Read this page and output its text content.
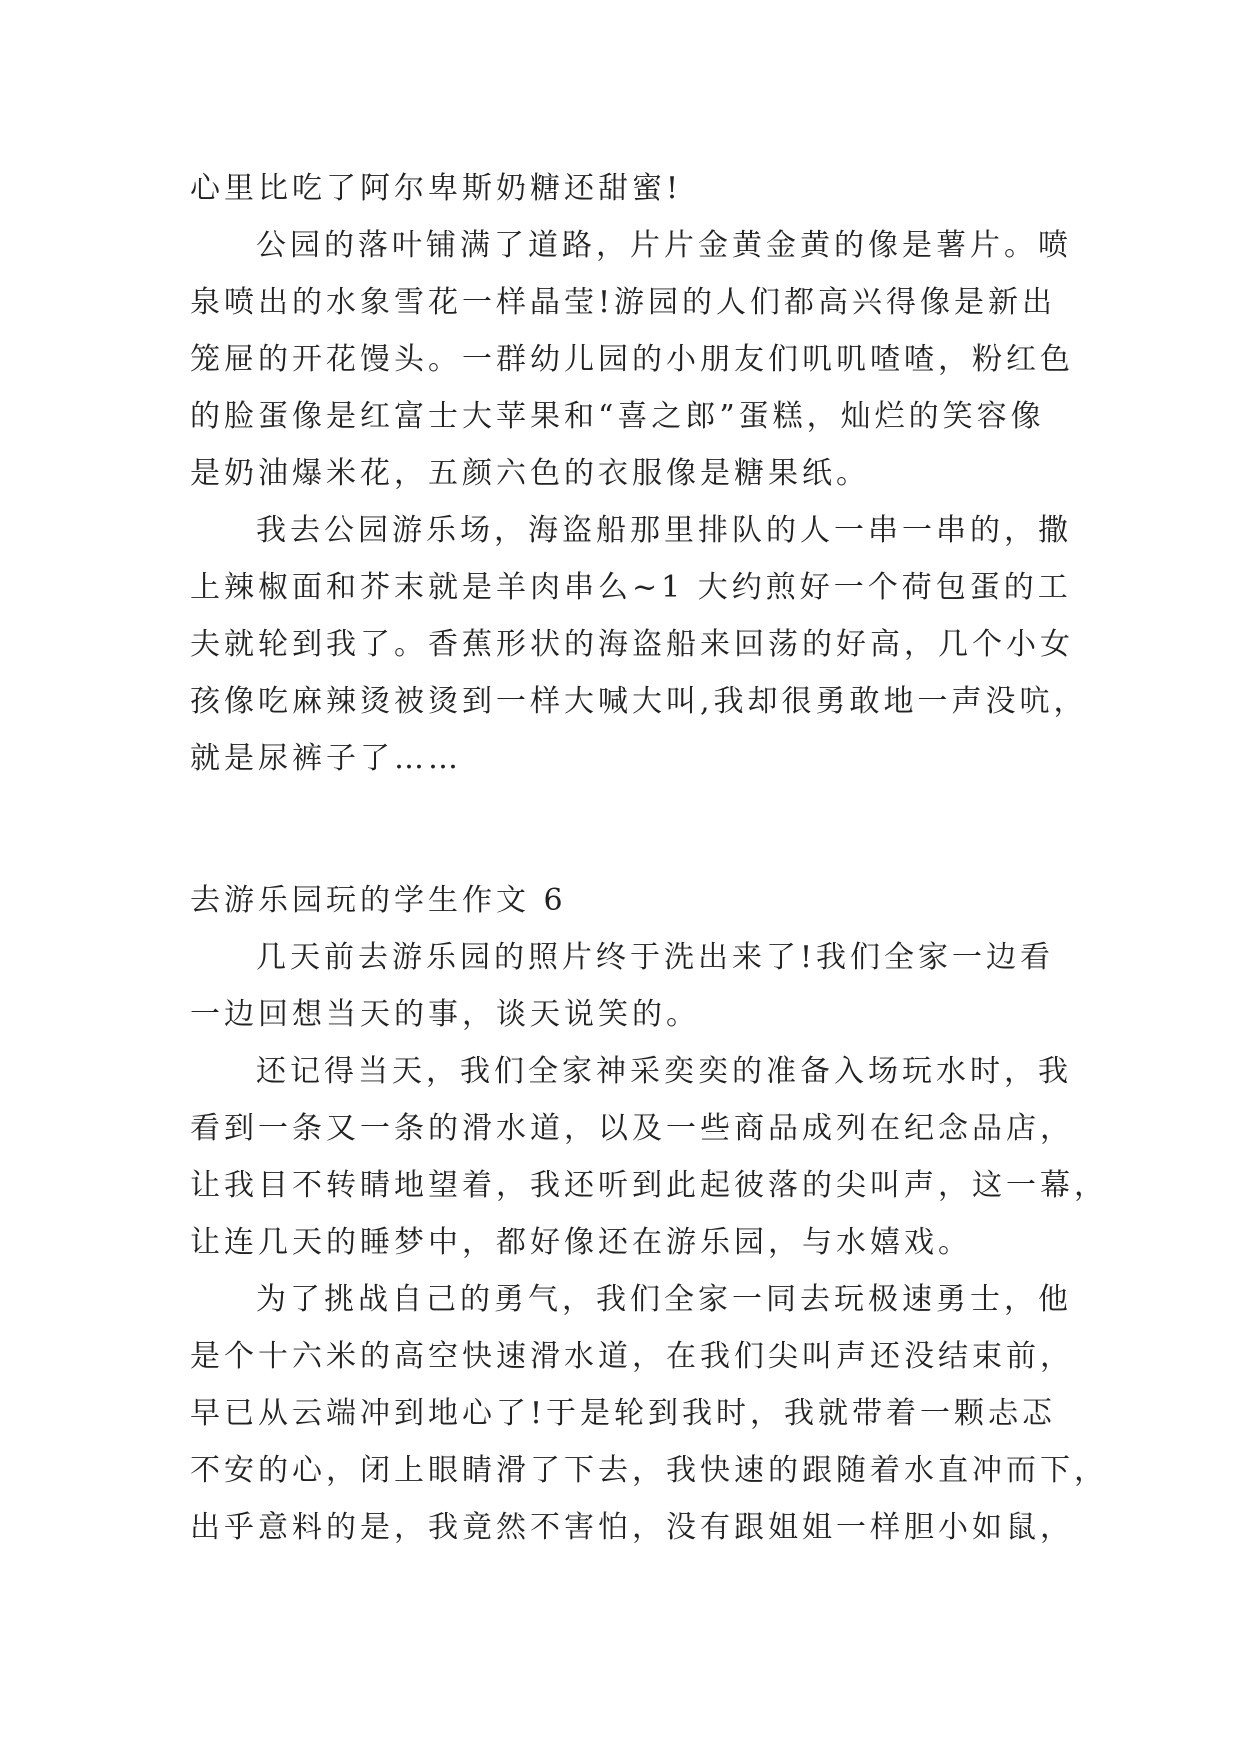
心里比吃了阿尔卑斯奶糖还甜蜜!
公园的落叶铺满了道路，片片金黄金黄的像是薯片。喷
泉喷出的水象雪花一样晶莹!游园的人们都高兴得像是新出
笼屉的开花馒头。一群幼儿园的小朋友们叽叽喳喳，粉红色
的脸蛋像是红富士大苹果和“喜之郎”蛋糕，灿烂的笑容像
是奶油爆米花，五颜六色的衣服像是糖果纸。
我去公园游乐场，海盗船那里排队的人一串一串的，撒
上辣椒面和芥末就是羊肉串么~1 大约煎好一个荷包蛋的工
夫就轮到我了。香蕉形状的海盗船来回荡的好高，几个小女
孩像吃麻辣烫被烫到一样大喊大叫,我却很勇敢地一声没吭，
就是尿裤子了……
去游乐园玩的学生作文 6
几天前去游乐园的照片终于洗出来了!我们全家一边看
一边回想当天的事，谈天说笑的。
还记得当天，我们全家神采奕奕的准备入场玩水时，我
看到一条又一条的滑水道，以及一些商品成列在纪念品店，
让我目不转睛地望着，我还听到此起彼落的尖叫声，这一幕，
让连几天的睡梦中，都好像还在游乐园，与水嬉戏。
为了挑战自己的勇气，我们全家一同去玩极速勇士，他
是个十六米的高空快速滑水道，在我们尖叫声还没结束前，
早已从云端冲到地心了!于是轮到我时，我就带着一颗忐忑
不安的心，闭上眼睛滑了下去，我快速的跟随着水直冲而下，
出乎意料的是，我竟然不害怕，没有跟姐姐一样胆小如鼠，
